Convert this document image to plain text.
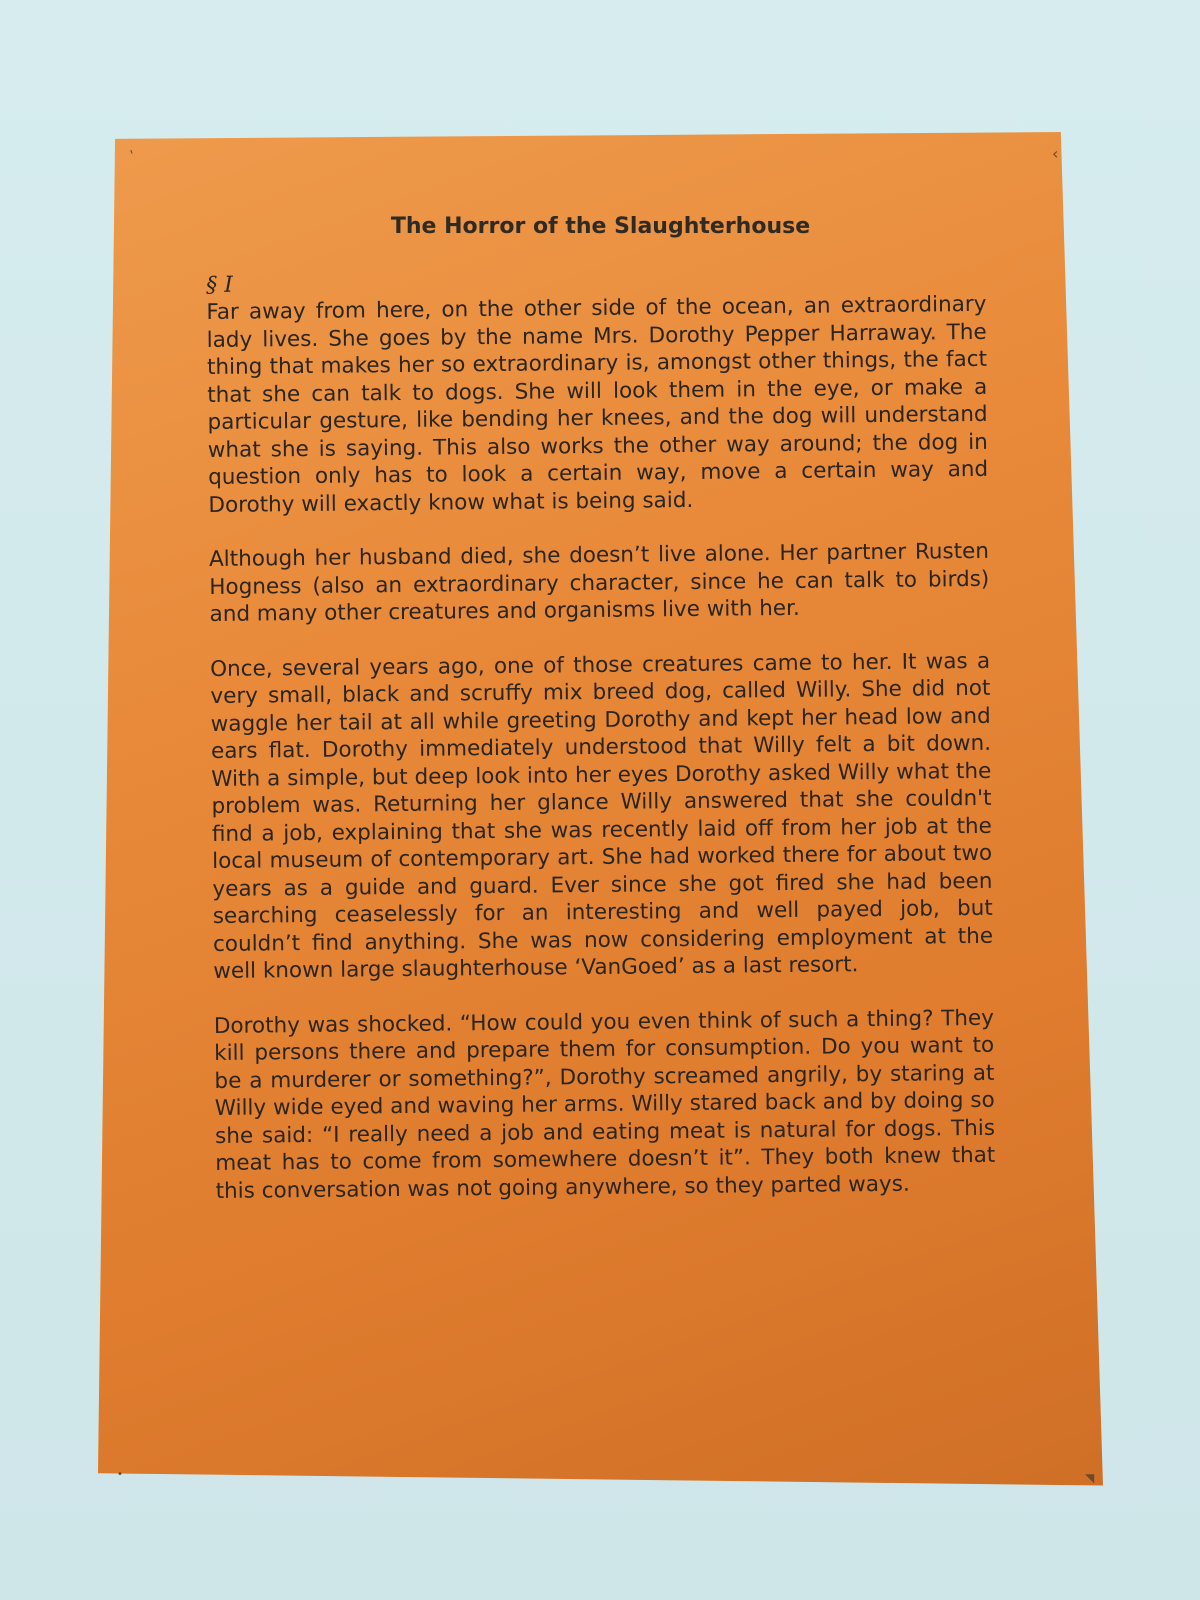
ˋ	‹
•	◥
The Horror of the Slaughterhouse

§ I

Far away from here, on the other side of the ocean, an extraordinary lady lives. She goes by the name Mrs. Dorothy Pepper Harraway. The thing that makes her so extraordinary is, amongst other things, the fact that she can talk to dogs. She will look them in the eye, or make a particular gesture, like bending her knees, and the dog will understand what she is saying. This also works the other way around; the dog in question only has to look a certain way, move a certain way and Dorothy will exactly know what is being said.

Although her husband died, she doesn’t live alone. Her partner Rusten Hogness (also an extraordinary character, since he can talk to birds) and many other creatures and organisms live with her.

Once, several years ago, one of those creatures came to her. It was a very small, black and scruffy mix breed dog, called Willy. She did not waggle her tail at all while greeting Dorothy and kept her head low and ears flat. Dorothy immediately understood that Willy felt a bit down. With a simple, but deep look into her eyes Dorothy asked Willy what the problem was. Returning her glance Willy answered that she couldn't find a job, explaining that she was recently laid off from her job at the local museum of contemporary art. She had worked there for about two years as a guide and guard. Ever since she got fired she had been searching ceaselessly for an interesting and well payed job, but couldn’t find anything. She was now considering employment at the well known large slaughterhouse ‘VanGoed’ as a last resort.

Dorothy was shocked. “How could you even think of such a thing? They kill persons there and prepare them for consumption. Do you want to be a murderer or something?”, Dorothy screamed angrily, by staring at Willy wide eyed and waving her arms. Willy stared back and by doing so she said: “I really need a job and eating meat is natural for dogs. This meat has to come from somewhere doesn’t it”. They both knew that this conversation was not going anywhere, so they parted ways.
